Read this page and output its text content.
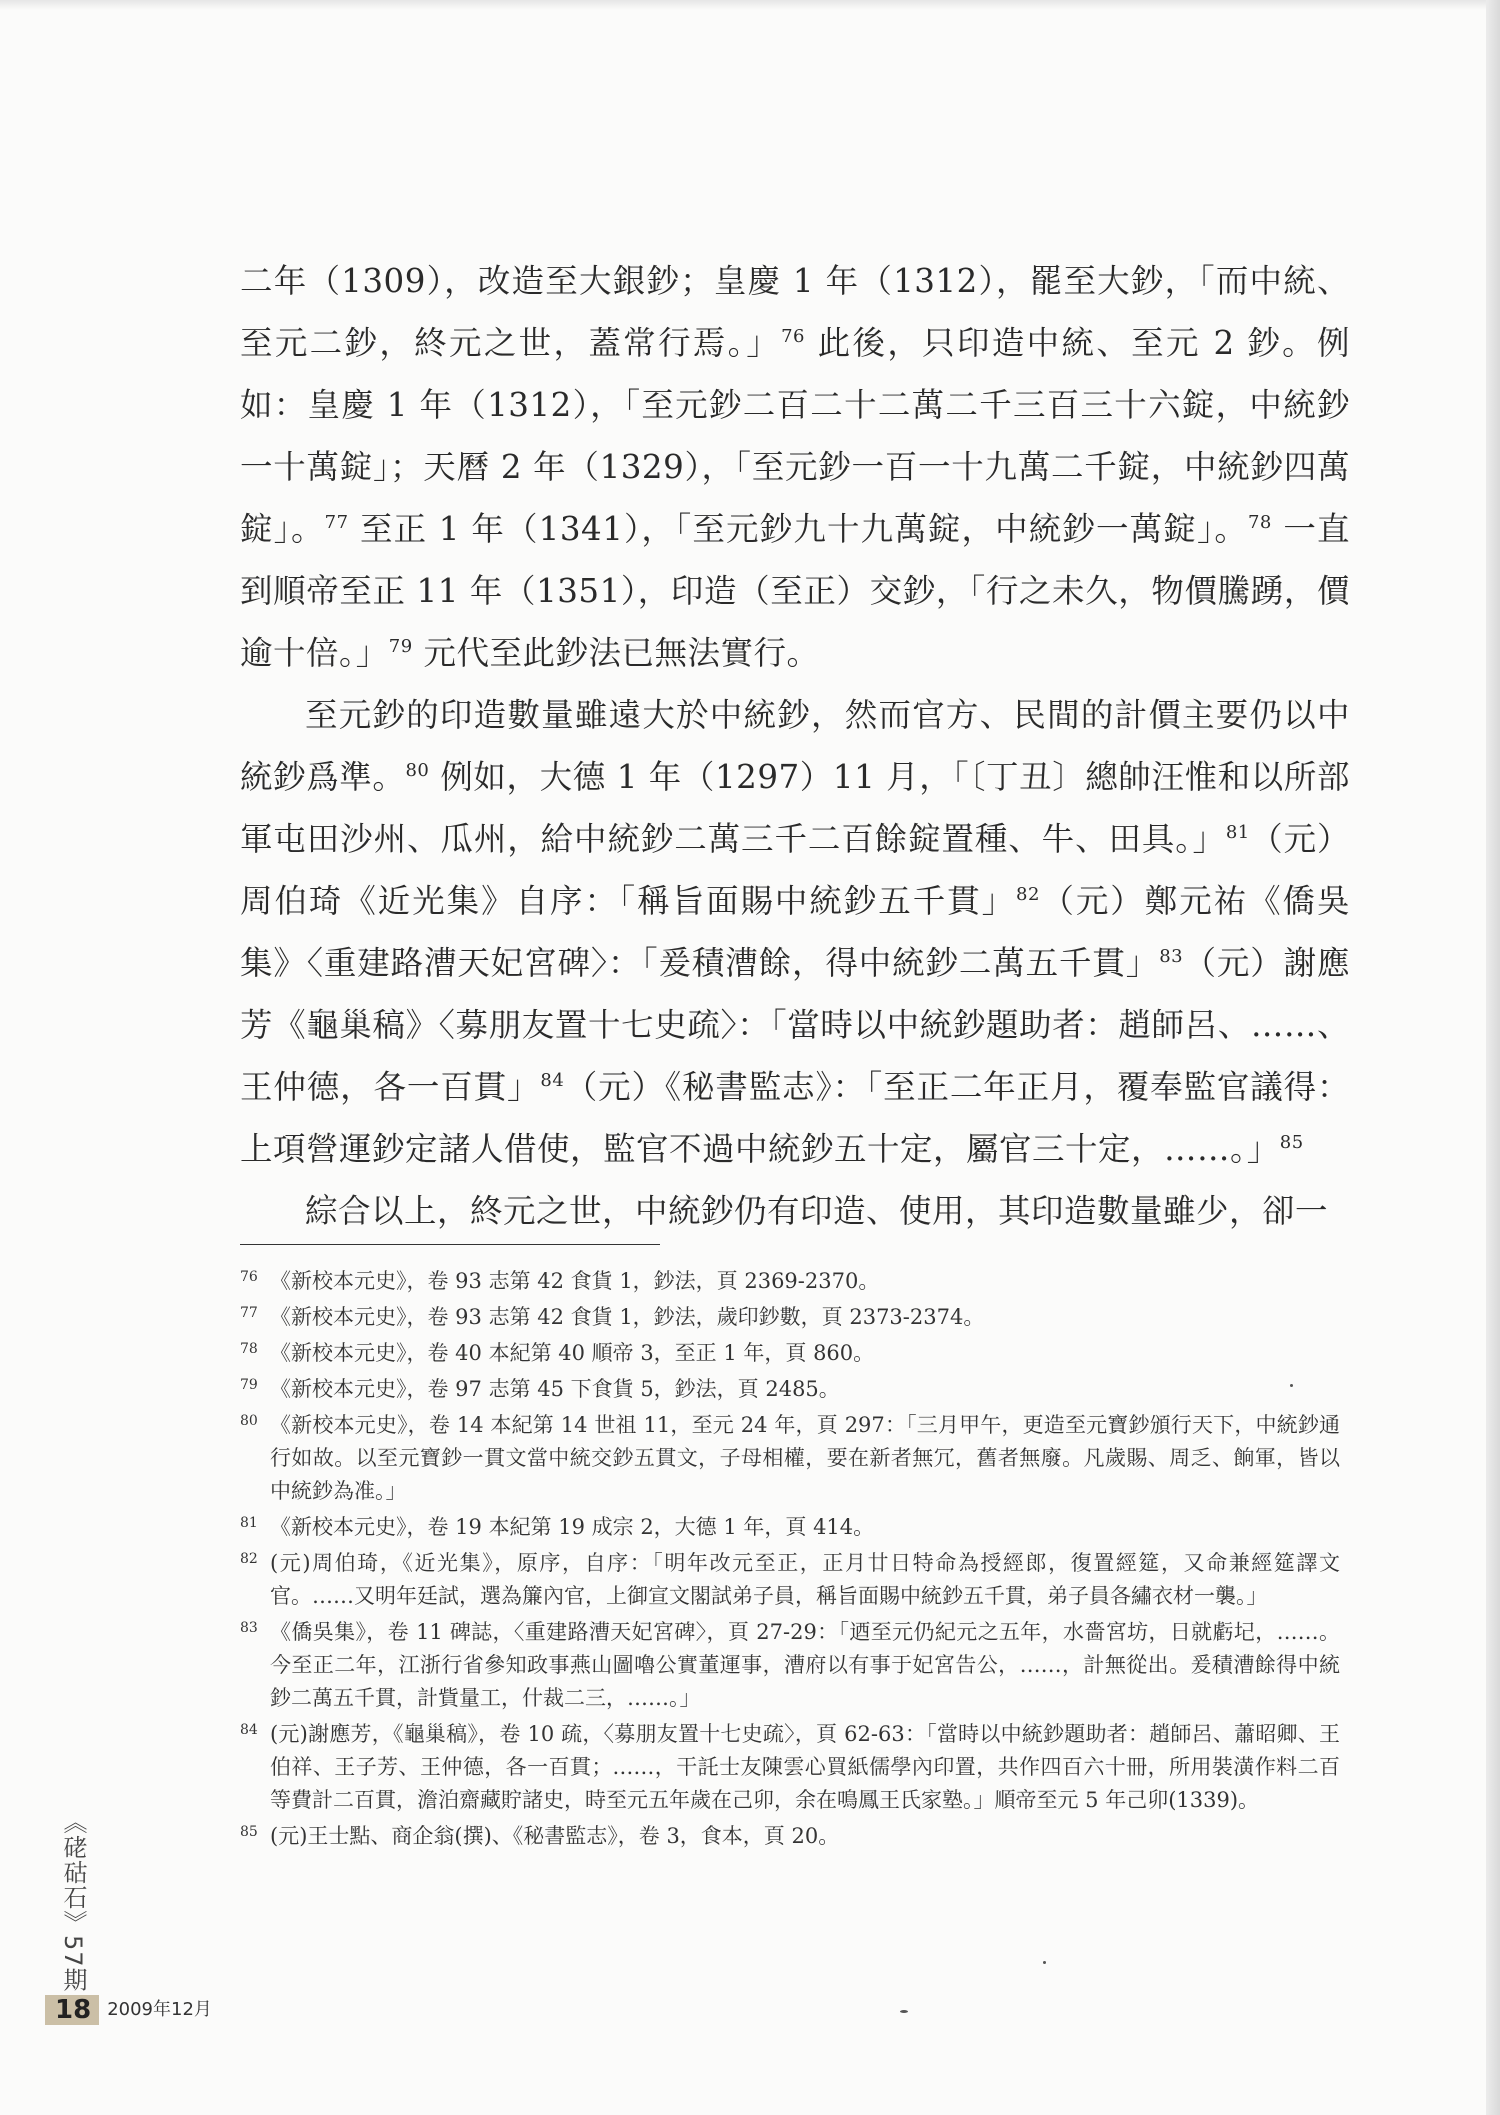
二年（1309），改造至大銀鈔；皇慶 1 年（1312），罷至大鈔，「而中統、至元二鈔，終元之世，蓋常行焉。」$^{76}$ 此後，只印造中統、至元 2 鈔。例如：皇慶 1 年（1312），「至元鈔二百二十二萬二千三百三十六錠，中統鈔一十萬錠」；天曆 2 年（1329），「至元鈔一百一十九萬二千錠，中統鈔四萬錠」。$^{77}$ 至正 1 年（1341），「至元鈔九十九萬錠，中統鈔一萬錠」。$^{78}$ 一直到順帝至正 11 年（1351），印造（至正）交鈔，「行之未久，物價騰踴，價逾十倍。」$^{79}$ 元代至此鈔法已無法實行。

至元鈔的印造數量雖遠大於中統鈔，然而官方、民間的計價主要仍以中統鈔爲準。$^{80}$ 例如，大德 1 年（1297）11 月，「〔丁丑〕總帥汪惟和以所部軍屯田沙州、瓜州，給中統鈔二萬三千二百餘錠置種、牛、田具。」$^{81}$（元）周伯琦《近光集》自序：「稱旨面賜中統鈔五千貫」$^{82}$（元）鄭元祐《僑吳集》〈重建路漕天妃宮碑〉：「爰積漕餘，得中統鈔二萬五千貫」$^{83}$（元）謝應芳《龜巢稿》〈募朋友置十七史疏〉：「當時以中統鈔題助者：趙師呂、……、王仲德，各一百貫」$^{84}$（元）《秘書監志》：「至正二年正月，覆奉監官議得：上項營運鈔定諸人借使，監官不過中統鈔五十定，屬官三十定，……。」$^{85}$

綜合以上，終元之世，中統鈔仍有印造、使用，其印造數量雖少，卻一

76 《新校本元史》，卷 93 志第 42 食貨 1，鈔法，頁 2369-2370。
77 《新校本元史》，卷 93 志第 42 食貨 1，鈔法，歲印鈔數，頁 2373-2374。
78 《新校本元史》，卷 40 本紀第 40 順帝 3，至正 1 年，頁 860。
79 《新校本元史》，卷 97 志第 45 下食貨 5，鈔法，頁 2485。
80 《新校本元史》，卷 14 本紀第 14 世祖 11，至元 24 年，頁 297：「三月甲午，更造至元寶鈔頒行天下，中統鈔通行如故。以至元寶鈔一貫文當中統交鈔五貫文，子母相權，要在新者無冗，舊者無廢。凡歲賜、周乏、餉軍，皆以中統鈔為准。」
81 《新校本元史》，卷 19 本紀第 19 成宗 2，大德 1 年，頁 414。
82 (元)周伯琦，《近光集》，原序，自序：「明年改元至正，正月廿日特命為授經郎，復置經筵，又命兼經筵譯文官。……又明年廷試，選為簾內官，上御宣文閣試弟子員，稱旨面賜中統鈔五千貫，弟子員各繡衣材一襲。」
83 《僑吳集》，卷 11 碑誌，〈重建路漕天妃宮碑〉，頁 27-29：「迺至元仍紀元之五年，水嗇宮坊，日就虧圮，……。今至正二年，江浙行省參知政事燕山圖嚕公實董運事，漕府以有事于妃宮告公，……，計無從出。爰積漕餘得中統鈔二萬五千貫，計貲量工，什裁二三，……。」
84 (元)謝應芳，《龜巢稿》，卷 10 疏，〈募朋友置十七史疏〉，頁 62-63：「當時以中統鈔題助者：趙師呂、蕭昭卿、王伯祥、王子芳、王仲德，各一百貫；……，干託士友陳雲心買紙儒學內印置，共作四百六十冊，所用裝潢作料二百等費計二百貫，澹泊齋藏貯諸史，時至元五年歲在己卯，余在鳴鳳王氏家塾。」順帝至元 5 年己卯(1339)。
85 (元)王士點、商企翁(撰)、《秘書監志》，卷 3，食本，頁 20。
《硓𥑮石》57期
18 2009年12月
